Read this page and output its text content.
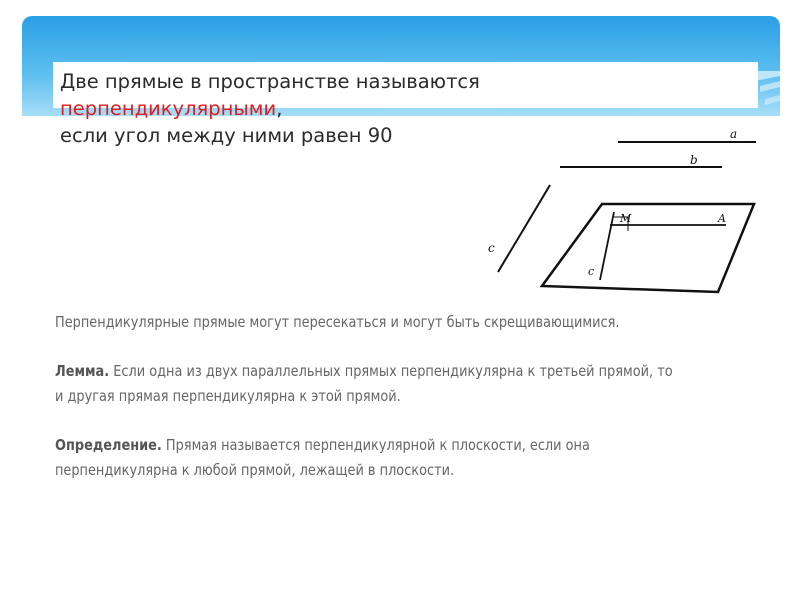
Две прямые в пространстве называются
перпендикулярными,
если угол между ними равен 90	a
b
c
M	A
c

Перпендикулярные прямые могут пересекаться и могут быть скрещивающимися.

Лемма. Если одна из двух параллельных прямых перпендикулярна к третьей прямой, то и другая прямая перпендикулярна к этой прямой.

Определение. Прямая называется перпендикулярной к плоскости, если она перпендикулярна к любой прямой, лежащей в плоскости.
